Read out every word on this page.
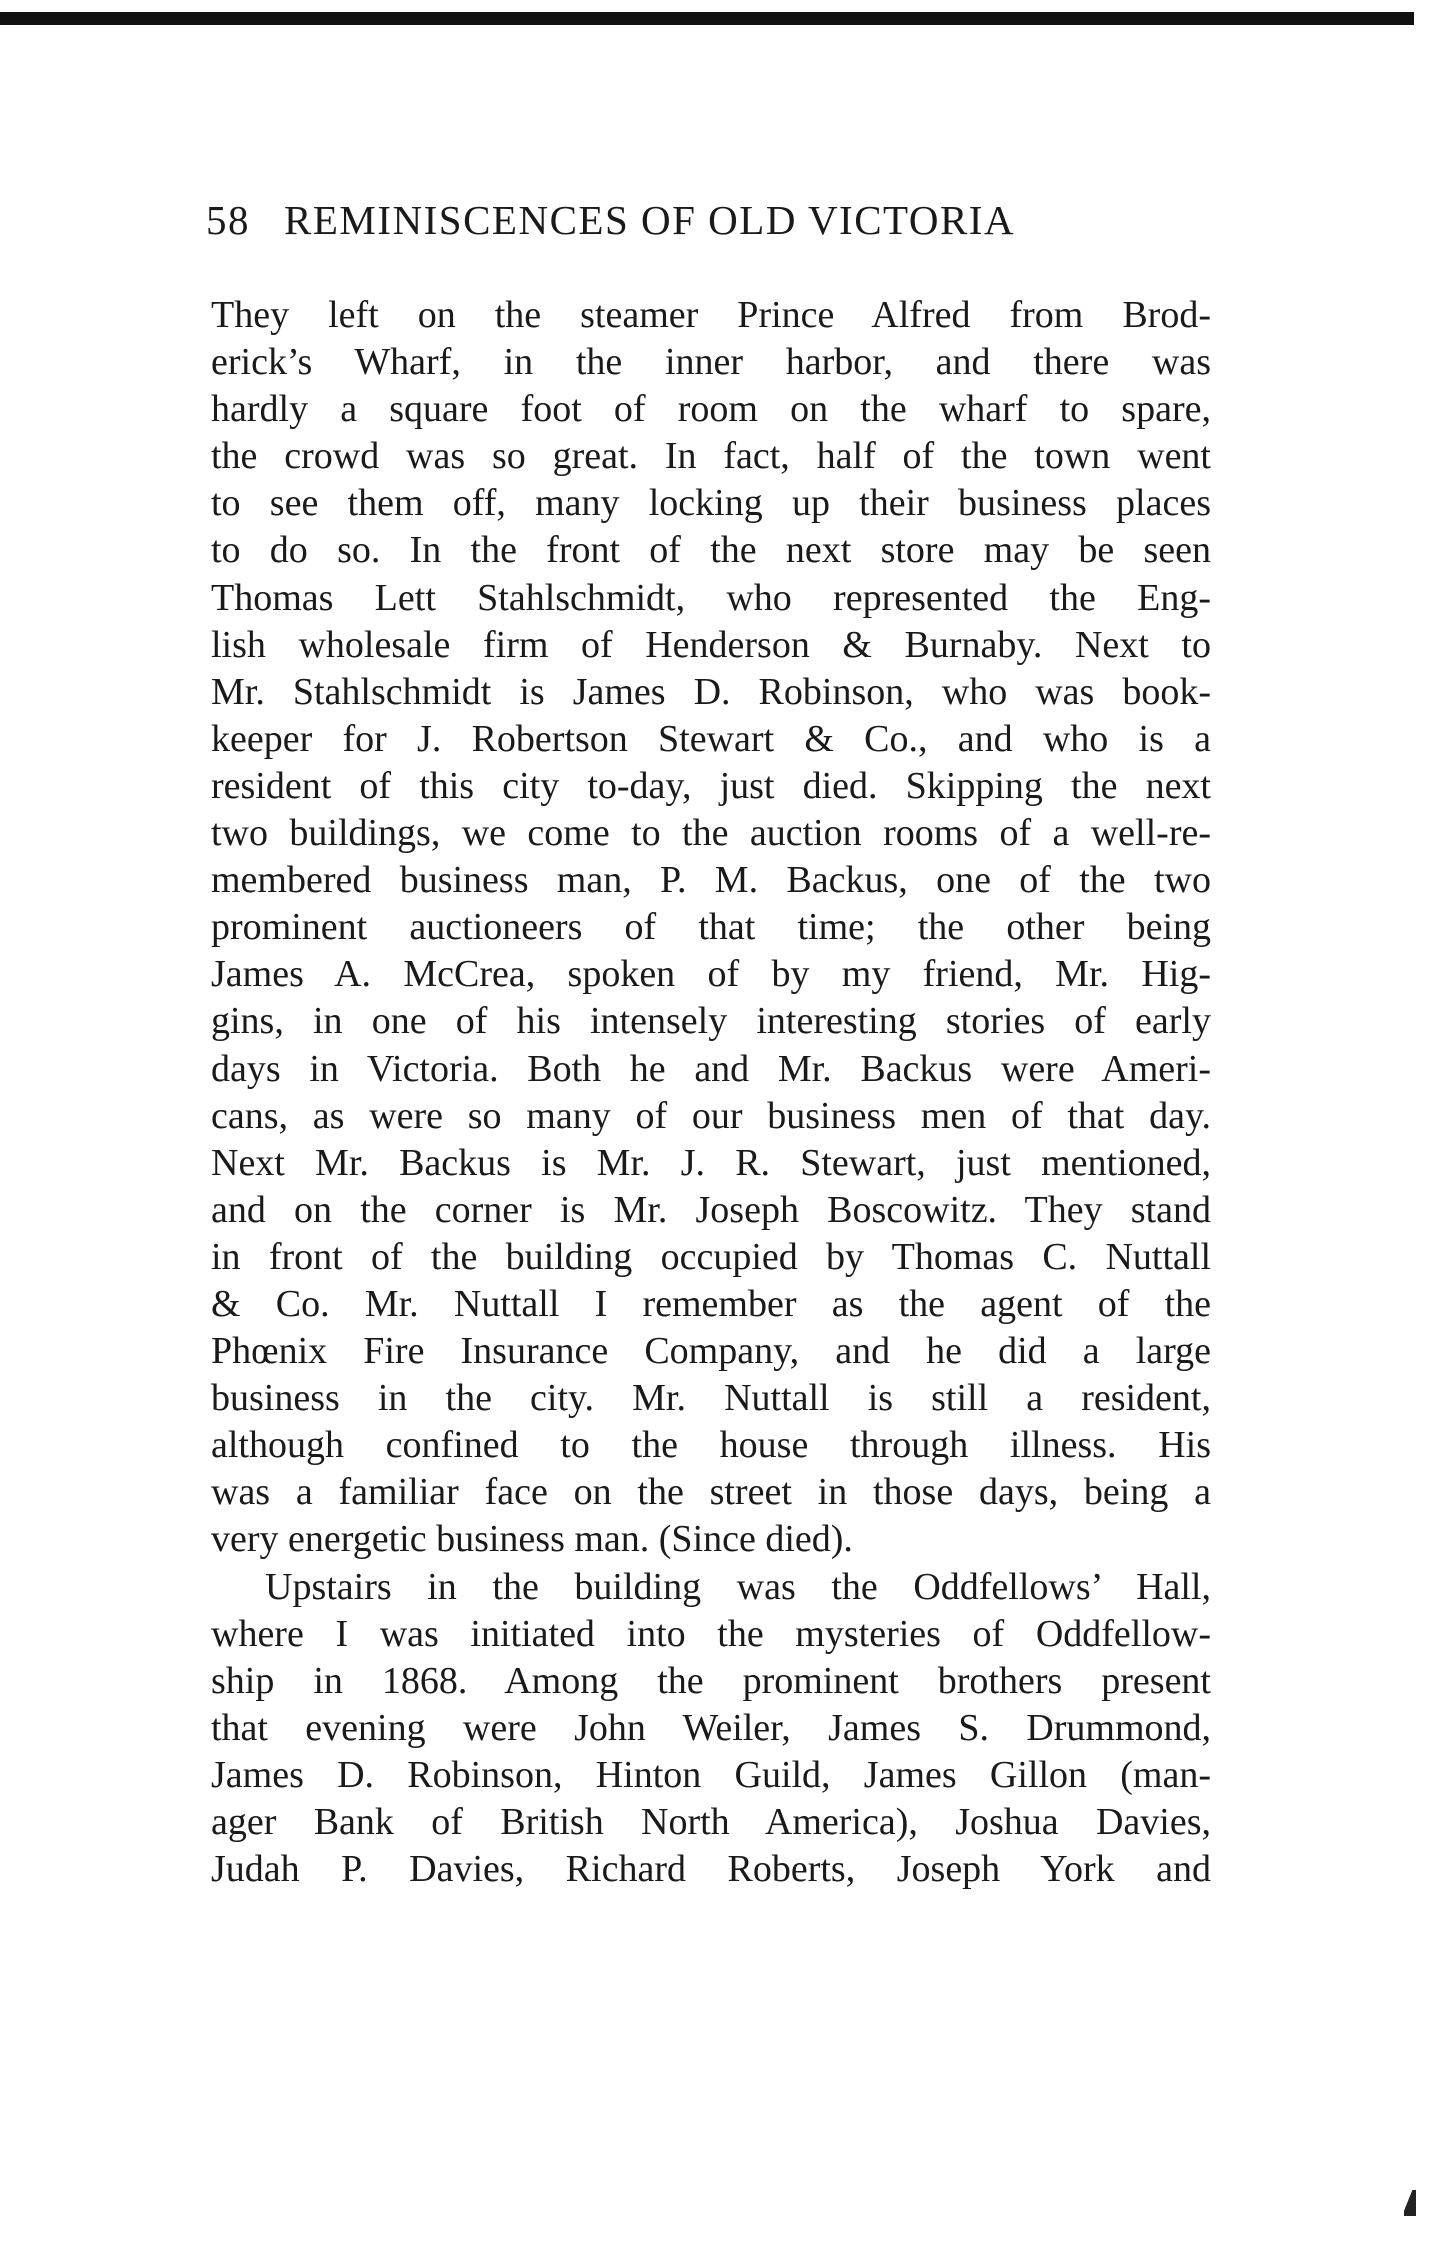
58 REMINISCENCES OF OLD VICTORIA
They left on the steamer Prince Alfred from Brod-
erick’s Wharf, in the inner harbor, and there was
hardly a square foot of room on the wharf to spare,
the crowd was so great. In fact, half of the town went
to see them off, many locking up their business places
to do so. In the front of the next store may be seen
Thomas Lett Stahlschmidt, who represented the Eng-
lish wholesale firm of Henderson & Burnaby. Next to
Mr. Stahlschmidt is James D. Robinson, who was book-
keeper for J. Robertson Stewart & Co., and who is a
resident of this city to-day, just died. Skipping the next
two buildings, we come to the auction rooms of a well-re-
membered business man, P. M. Backus, one of the two
prominent auctioneers of that time; the other being
James A. McCrea, spoken of by my friend, Mr. Hig-
gins, in one of his intensely interesting stories of early
days in Victoria. Both he and Mr. Backus were Ameri-
cans, as were so many of our business men of that day.
Next Mr. Backus is Mr. J. R. Stewart, just mentioned,
and on the corner is Mr. Joseph Boscowitz. They stand
in front of the building occupied by Thomas C. Nuttall
& Co. Mr. Nuttall I remember as the agent of the
Phœnix Fire Insurance Company, and he did a large
business in the city. Mr. Nuttall is still a resident,
although confined to the house through illness. His
was a familiar face on the street in those days, being a
very energetic business man. (Since died).
Upstairs in the building was the Oddfellows’ Hall,
where I was initiated into the mysteries of Oddfellow-
ship in 1868. Among the prominent brothers present
that evening were John Weiler, James S. Drummond,
James D. Robinson, Hinton Guild, James Gillon (man-
ager Bank of British North America), Joshua Davies,
Judah P. Davies, Richard Roberts, Joseph York and
